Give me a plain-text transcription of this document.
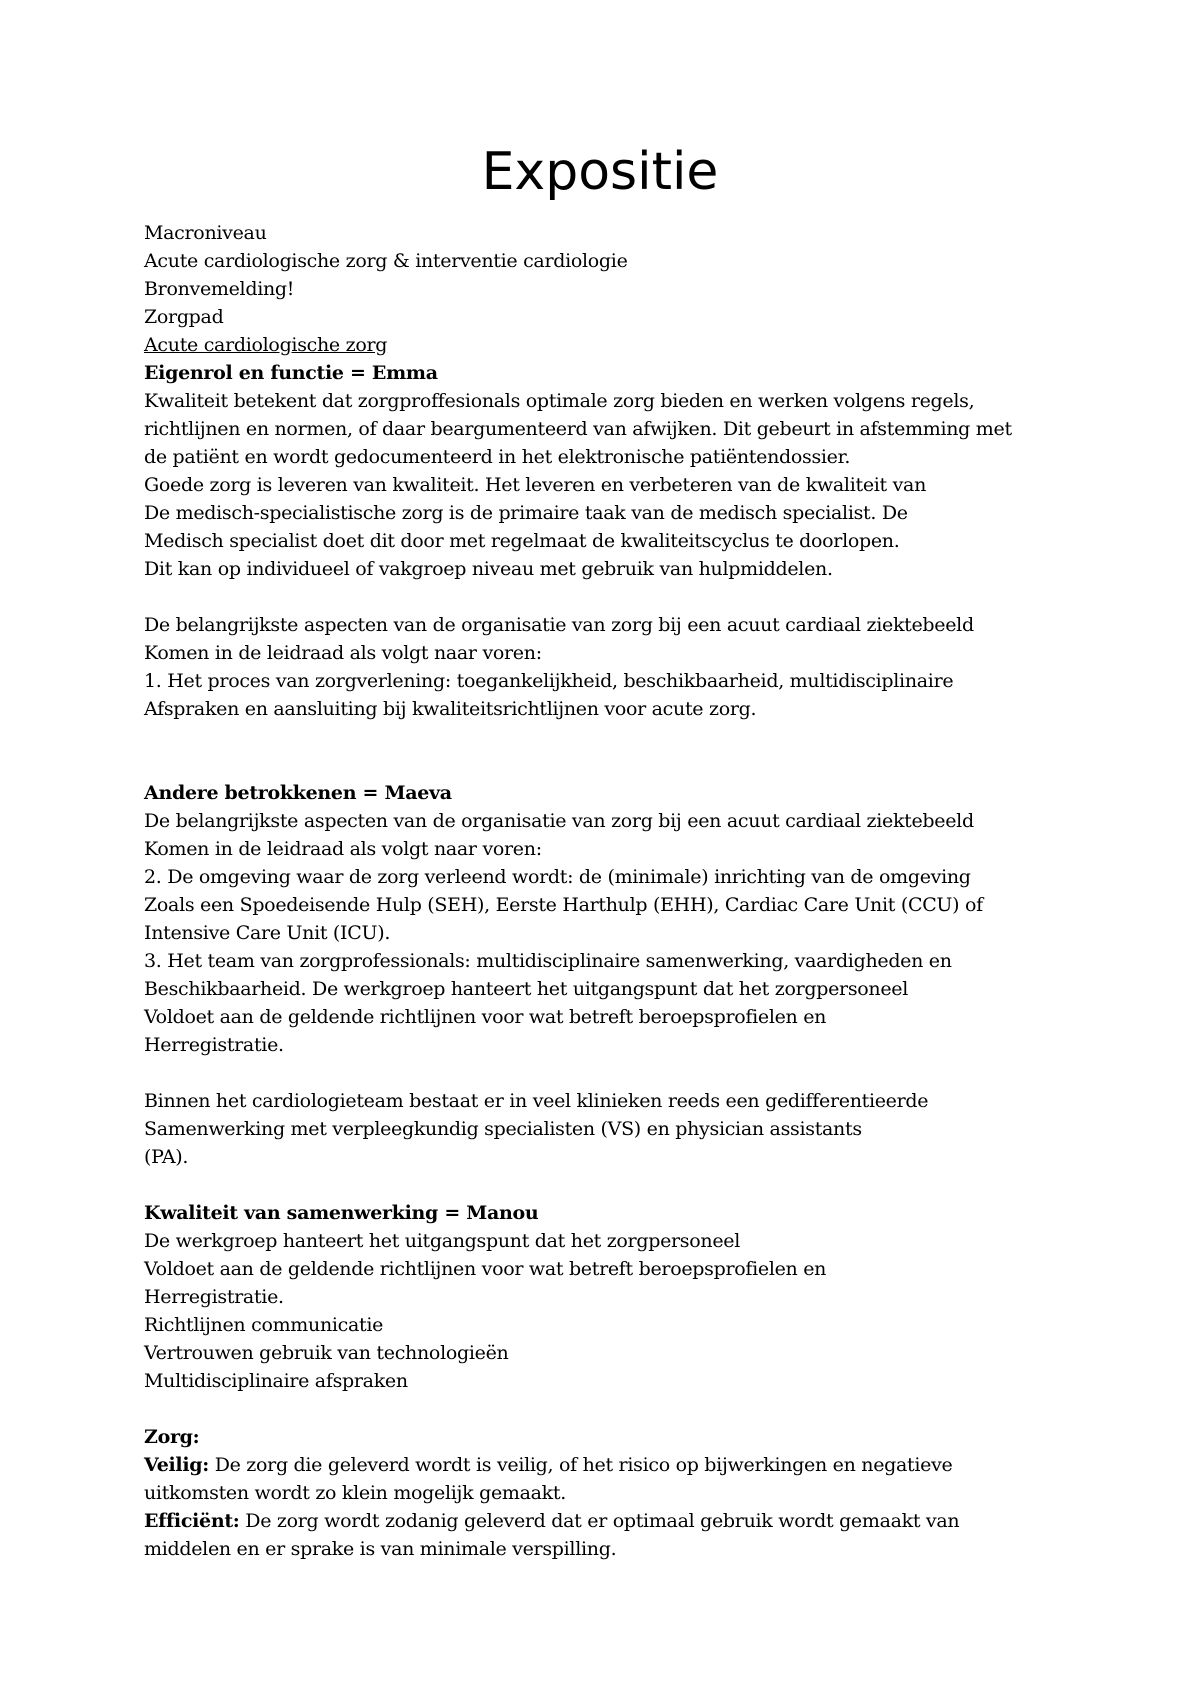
Expositie
Macroniveau
Acute cardiologische zorg & interventie cardiologie
Bronvemelding!
Zorgpad
Acute cardiologische zorg
Eigenrol en functie = Emma
Kwaliteit betekent dat zorgproffesionals optimale zorg bieden en werken volgens regels,
richtlijnen en normen, of daar beargumenteerd van afwijken. Dit gebeurt in afstemming met
de patiënt en wordt gedocumenteerd in het elektronische patiëntendossier.
Goede zorg is leveren van kwaliteit. Het leveren en verbeteren van de kwaliteit van
De medisch-specialistische zorg is de primaire taak van de medisch specialist. De
Medisch specialist doet dit door met regelmaat de kwaliteitscyclus te doorlopen.
Dit kan op individueel of vakgroep niveau met gebruik van hulpmiddelen.
De belangrijkste aspecten van de organisatie van zorg bij een acuut cardiaal ziektebeeld
Komen in de leidraad als volgt naar voren:
1. Het proces van zorgverlening: toegankelijkheid, beschikbaarheid, multidisciplinaire
Afspraken en aansluiting bij kwaliteitsrichtlijnen voor acute zorg.
Andere betrokkenen = Maeva
De belangrijkste aspecten van de organisatie van zorg bij een acuut cardiaal ziektebeeld
Komen in de leidraad als volgt naar voren:
2. De omgeving waar de zorg verleend wordt: de (minimale) inrichting van de omgeving
Zoals een Spoedeisende Hulp (SEH), Eerste Harthulp (EHH), Cardiac Care Unit (CCU) of
Intensive Care Unit (ICU).
3. Het team van zorgprofessionals: multidisciplinaire samenwerking, vaardigheden en
Beschikbaarheid. De werkgroep hanteert het uitgangspunt dat het zorgpersoneel
Voldoet aan de geldende richtlijnen voor wat betreft beroepsprofielen en
Herregistratie.
Binnen het cardiologieteam bestaat er in veel klinieken reeds een gedifferentieerde
Samenwerking met verpleegkundig specialisten (VS) en physician assistants
(PA).
Kwaliteit van samenwerking = Manou
De werkgroep hanteert het uitgangspunt dat het zorgpersoneel
Voldoet aan de geldende richtlijnen voor wat betreft beroepsprofielen en
Herregistratie.
Richtlijnen communicatie
Vertrouwen gebruik van technologieën
Multidisciplinaire afspraken
Zorg:
Veilig: De zorg die geleverd wordt is veilig, of het risico op bijwerkingen en negatieve
uitkomsten wordt zo klein mogelijk gemaakt.
Efficiënt: De zorg wordt zodanig geleverd dat er optimaal gebruik wordt gemaakt van
middelen en er sprake is van minimale verspilling.
